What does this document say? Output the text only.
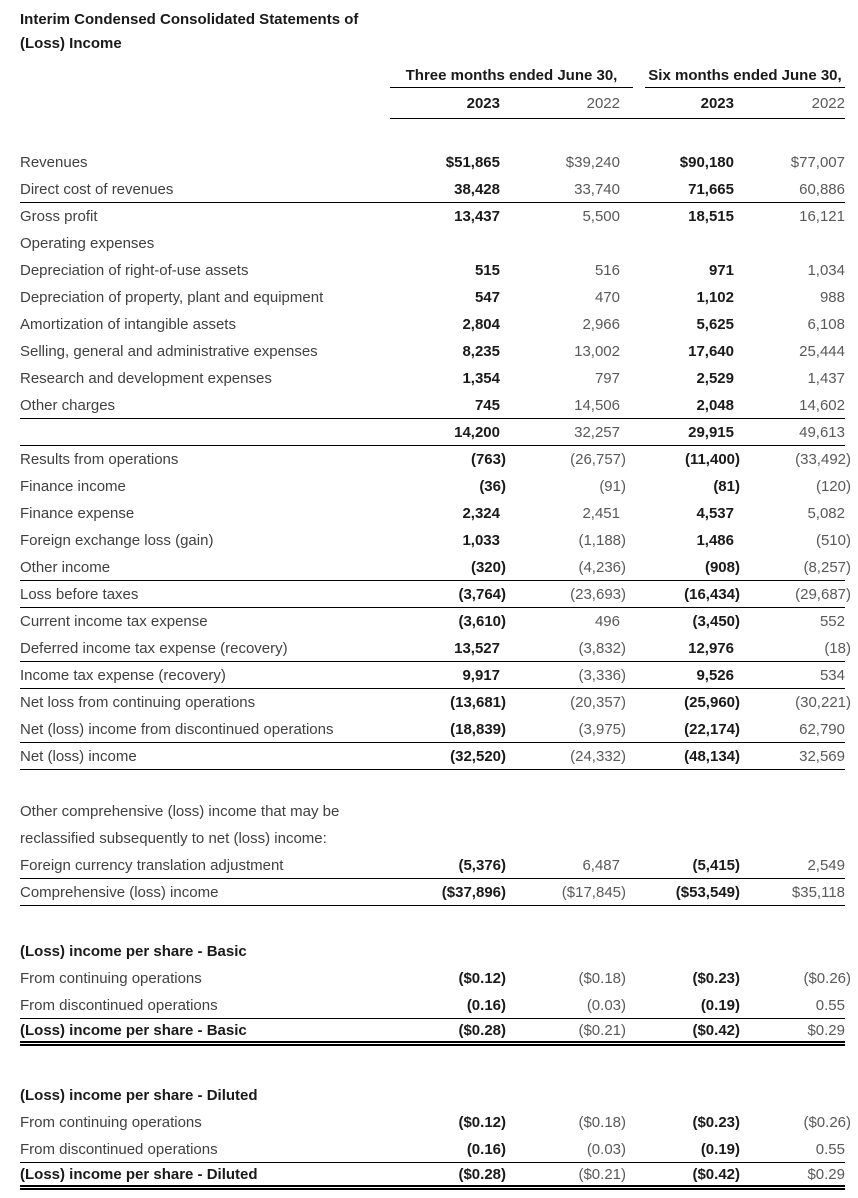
Interim Condensed Consolidated Statements of
(Loss) Income
Three months ended June 30,	Six months ended June 30,
2023	2022	2023	2022
Revenues	$51,865	$39,240	$90,180	$77,007
Direct cost of revenues	38,428	33,740	71,665	60,886
Gross profit	13,437	5,500	18,515	16,121
Operating expenses
Depreciation of right-of-use assets	515	516	971	1,034
Depreciation of property, plant and equipment	547	470	1,102	988
Amortization of intangible assets	2,804	2,966	5,625	6,108
Selling, general and administrative expenses	8,235	13,002	17,640	25,444
Research and development expenses	1,354	797	2,529	1,437
Other charges	745	14,506	2,048	14,602
14,200	32,257	29,915	49,613
Results from operations	(763)	(26,757)	(11,400)	(33,492)
Finance income	(36)	(91)	(81)	(120)
Finance expense	2,324	2,451	4,537	5,082
Foreign exchange loss (gain)	1,033	(1,188)	1,486	(510)
Other income	(320)	(4,236)	(908)	(8,257)
Loss before taxes	(3,764)	(23,693)	(16,434)	(29,687)
Current income tax expense	(3,610)	496	(3,450)	552
Deferred income tax expense (recovery)	13,527	(3,832)	12,976	(18)
Income tax expense (recovery)	9,917	(3,336)	9,526	534
Net loss from continuing operations	(13,681)	(20,357)	(25,960)	(30,221)
Net (loss) income from discontinued operations	(18,839)	(3,975)	(22,174)	62,790
Net (loss) income	(32,520)	(24,332)	(48,134)	32,569
Other comprehensive (loss) income that may be
reclassified subsequently to net (loss) income:
Foreign currency translation adjustment	(5,376)	6,487	(5,415)	2,549
Comprehensive (loss) income	($37,896)	($17,845)	($53,549)	$35,118
(Loss) income per share - Basic
From continuing operations	($0.12)	($0.18)	($0.23)	($0.26)
From discontinued operations	(0.16)	(0.03)	(0.19)	0.55
(Loss) income per share - Basic	($0.28)	($0.21)	($0.42)	$0.29
(Loss) income per share - Diluted
From continuing operations	($0.12)	($0.18)	($0.23)	($0.26)
From discontinued operations	(0.16)	(0.03)	(0.19)	0.55
(Loss) income per share - Diluted	($0.28)	($0.21)	($0.42)	$0.29
